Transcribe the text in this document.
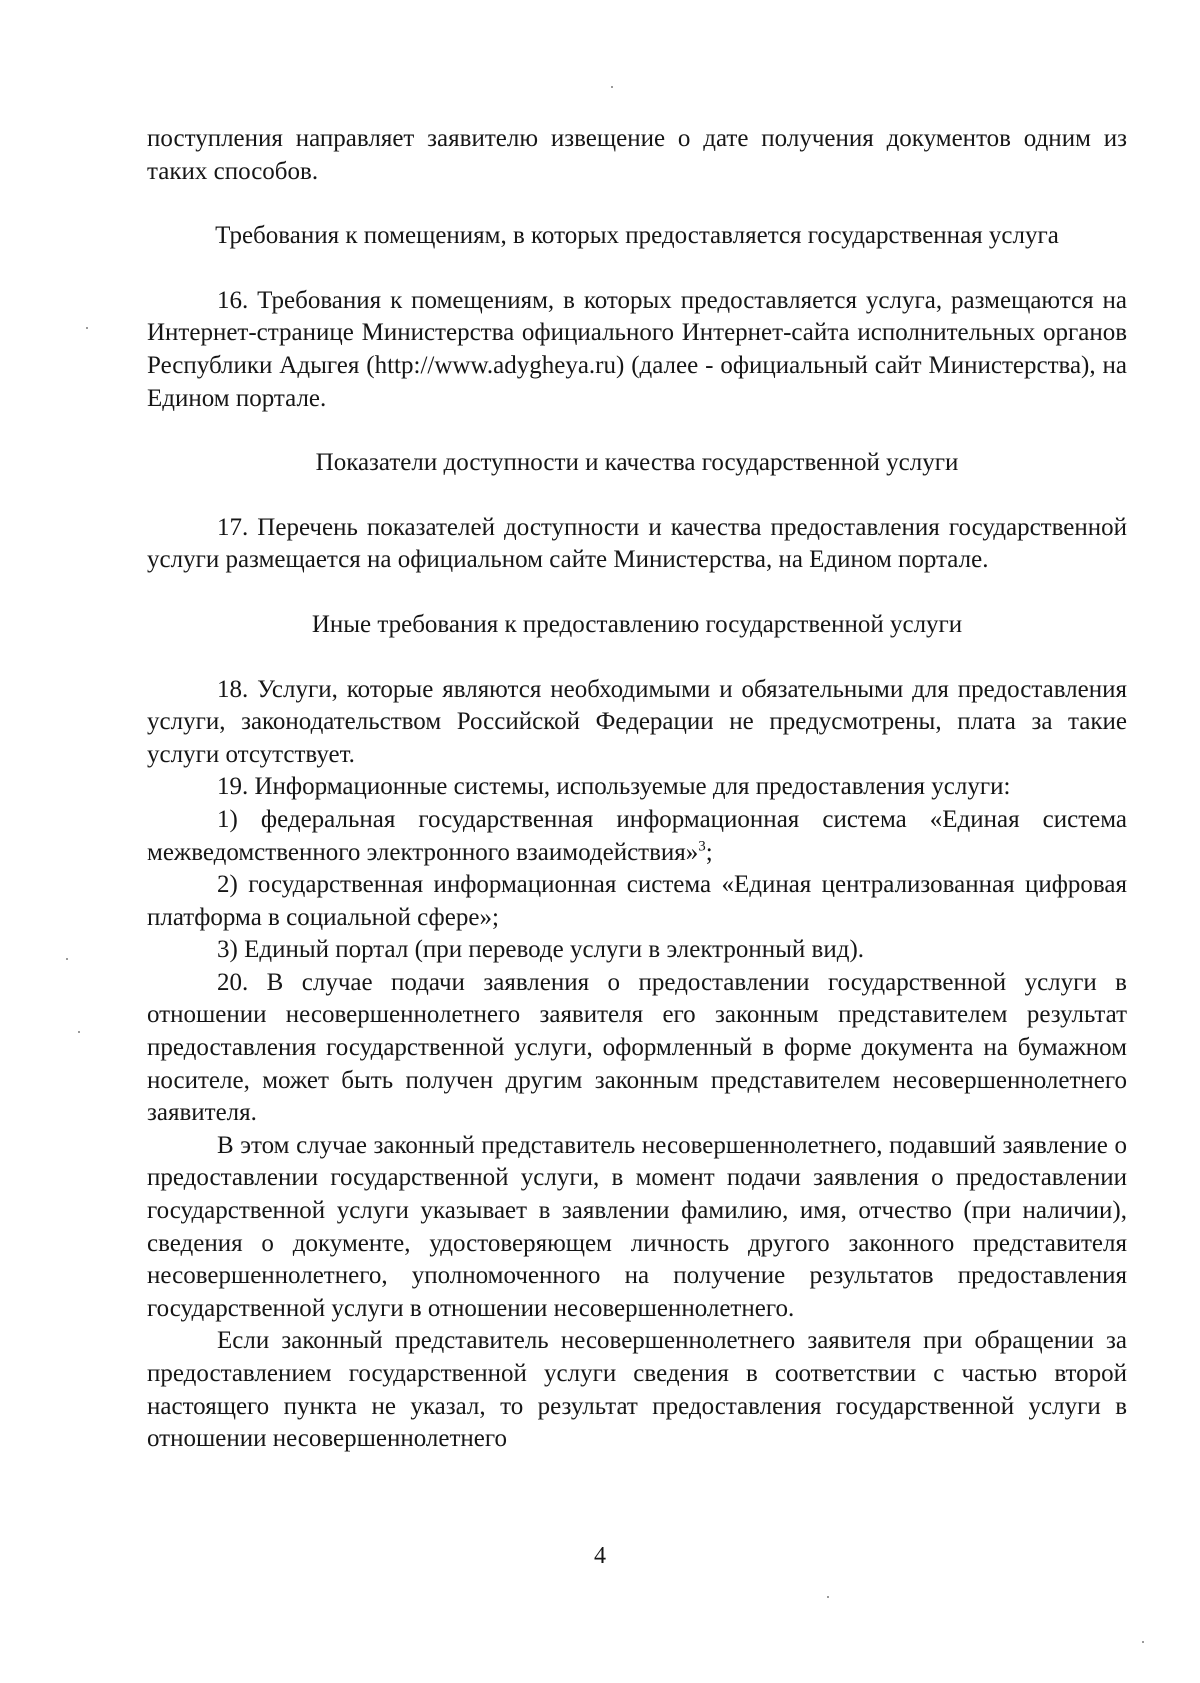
поступления направляет заявителю извещение о дате получения документов одним из таких способов.

Требования к помещениям, в которых предоставляется государственная услуга

16. Требования к помещениям, в которых предоставляется услуга, размещаются на Интернет-странице Министерства официального Интернет-сайта исполнительных органов Республики Адыгея (http://www.adygheya.ru) (далее - официальный сайт Министерства), на Едином портале.

Показатели доступности и качества государственной услуги

17. Перечень показателей доступности и качества предоставления государственной услуги размещается на официальном сайте Министерства, на Едином портале.

Иные требования к предоставлению государственной услуги

18. Услуги, которые являются необходимыми и обязательными для предоставления услуги, законодательством Российской Федерации не предусмотрены, плата за такие услуги отсутствует.

19. Информационные системы, используемые для предоставления услуги:

1) федеральная государственная информационная система «Единая система межведомственного электронного взаимодействия»$^3$;

2) государственная информационная система «Единая централизованная цифровая платформа в социальной сфере»;

3) Единый портал (при переводе услуги в электронный вид).

20. В случае подачи заявления о предоставлении государственной услуги в отношении несовершеннолетнего заявителя его законным представителем результат предоставления государственной услуги, оформленный в форме документа на бумажном носителе, может быть получен другим законным представителем несовершеннолетнего заявителя.

В этом случае законный представитель несовершеннолетнего, подавший заявление о предоставлении государственной услуги, в момент подачи заявления о предоставлении государственной услуги указывает в заявлении фамилию, имя, отчество (при наличии), сведения о документе, удостоверяющем личность другого законного представителя несовершеннолетнего, уполномоченного на получение результатов предоставления государственной услуги в отношении несовершеннолетнего.

Если законный представитель несовершеннолетнего заявителя при обращении за предоставлением государственной услуги сведения в соответствии с частью второй настоящего пункта не указал, то результат предоставления государственной услуги в отношении несовершеннолетнего

4
